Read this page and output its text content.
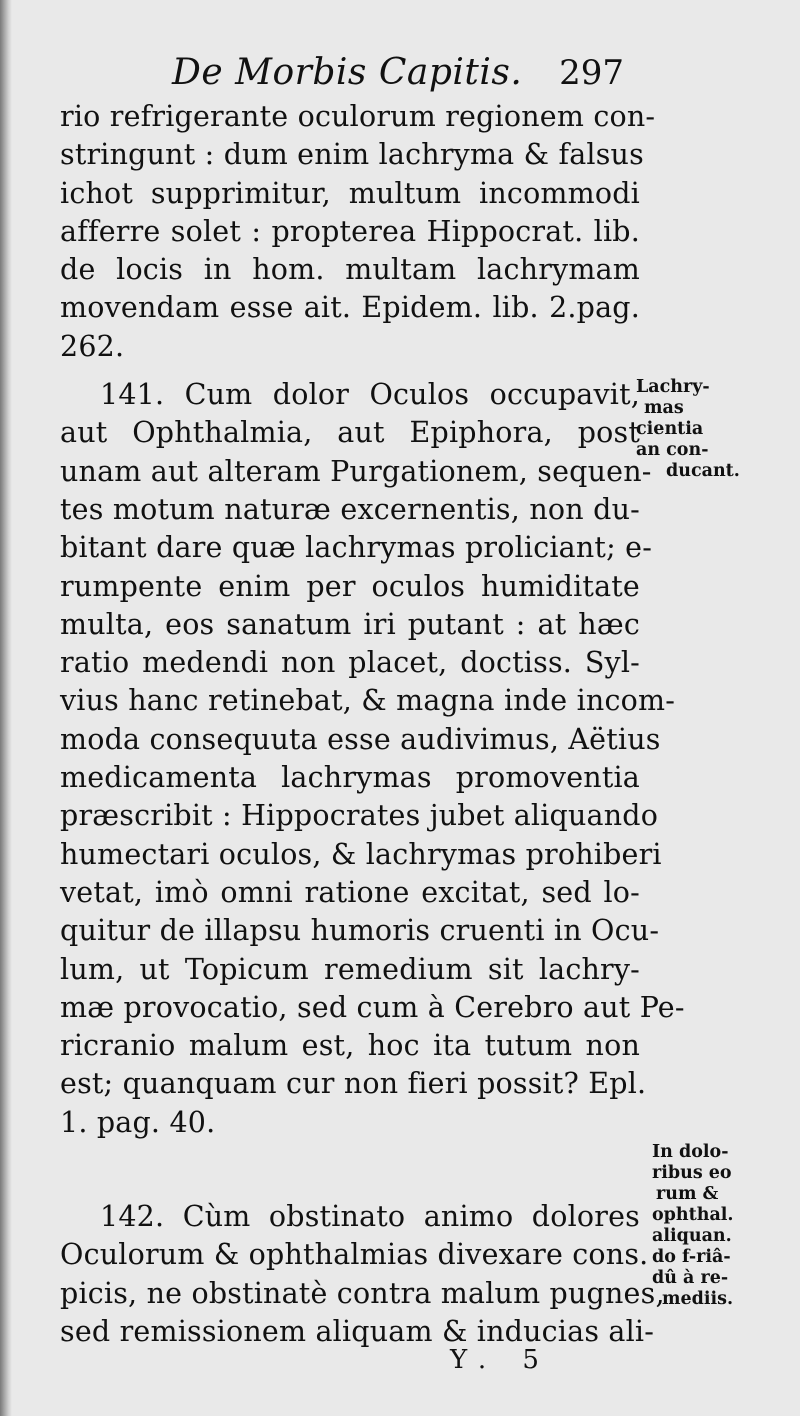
De Morbis Capitis. 297
rio refrigerante oculorum regionem con-
stringunt : dum enim lachryma & falsus
ichot supprimitur, multum incommodi
afferre solet : propterea Hippocrat. lib.
de locis in hom. multam lachrymam
movendam esse ait. Epidem. lib. 2.pag.
262.
141. Cum dolor Oculos occupavit,
aut Ophthalmia, aut Epiphora, post
unam aut alteram Purgationem, sequen-
tes motum naturæ excernentis, non du-
bitant dare quæ lachrymas proliciant; e-
rumpente enim per oculos humiditate
multa, eos sanatum iri putant : at hæc
ratio medendi non placet, doctiss. Syl-
vius hanc retinebat, & magna inde incom-
moda consequuta esse audivimus, Aëtius
medicamenta lachrymas promoventia
præscribit : Hippocrates jubet aliquando
humectari oculos, & lachrymas prohiberi
vetat, imò omni ratione excitat, sed lo-
quitur de illapsu humoris cruenti in Ocu-
lum, ut Topicum remedium sit lachry-
mæ provocatio, sed cum à Cerebro aut Pe-
ricranio malum est, hoc ita tutum non
est; quanquam cur non fieri possit? Epl.
1. pag. 40.
142. Cùm obstinato animo dolores
Oculorum & ophthalmias divexare cons.
picis, ne obstinatè contra malum pugnes,
sed remissionem aliquam & inducias ali-
Lachry-
mas
cientia
an con-
ducant.
In dolo-
ribus eo
rum &
ophthal.
aliquan.
do f-riâ-
dû à re-
mediis.
Y. 5
